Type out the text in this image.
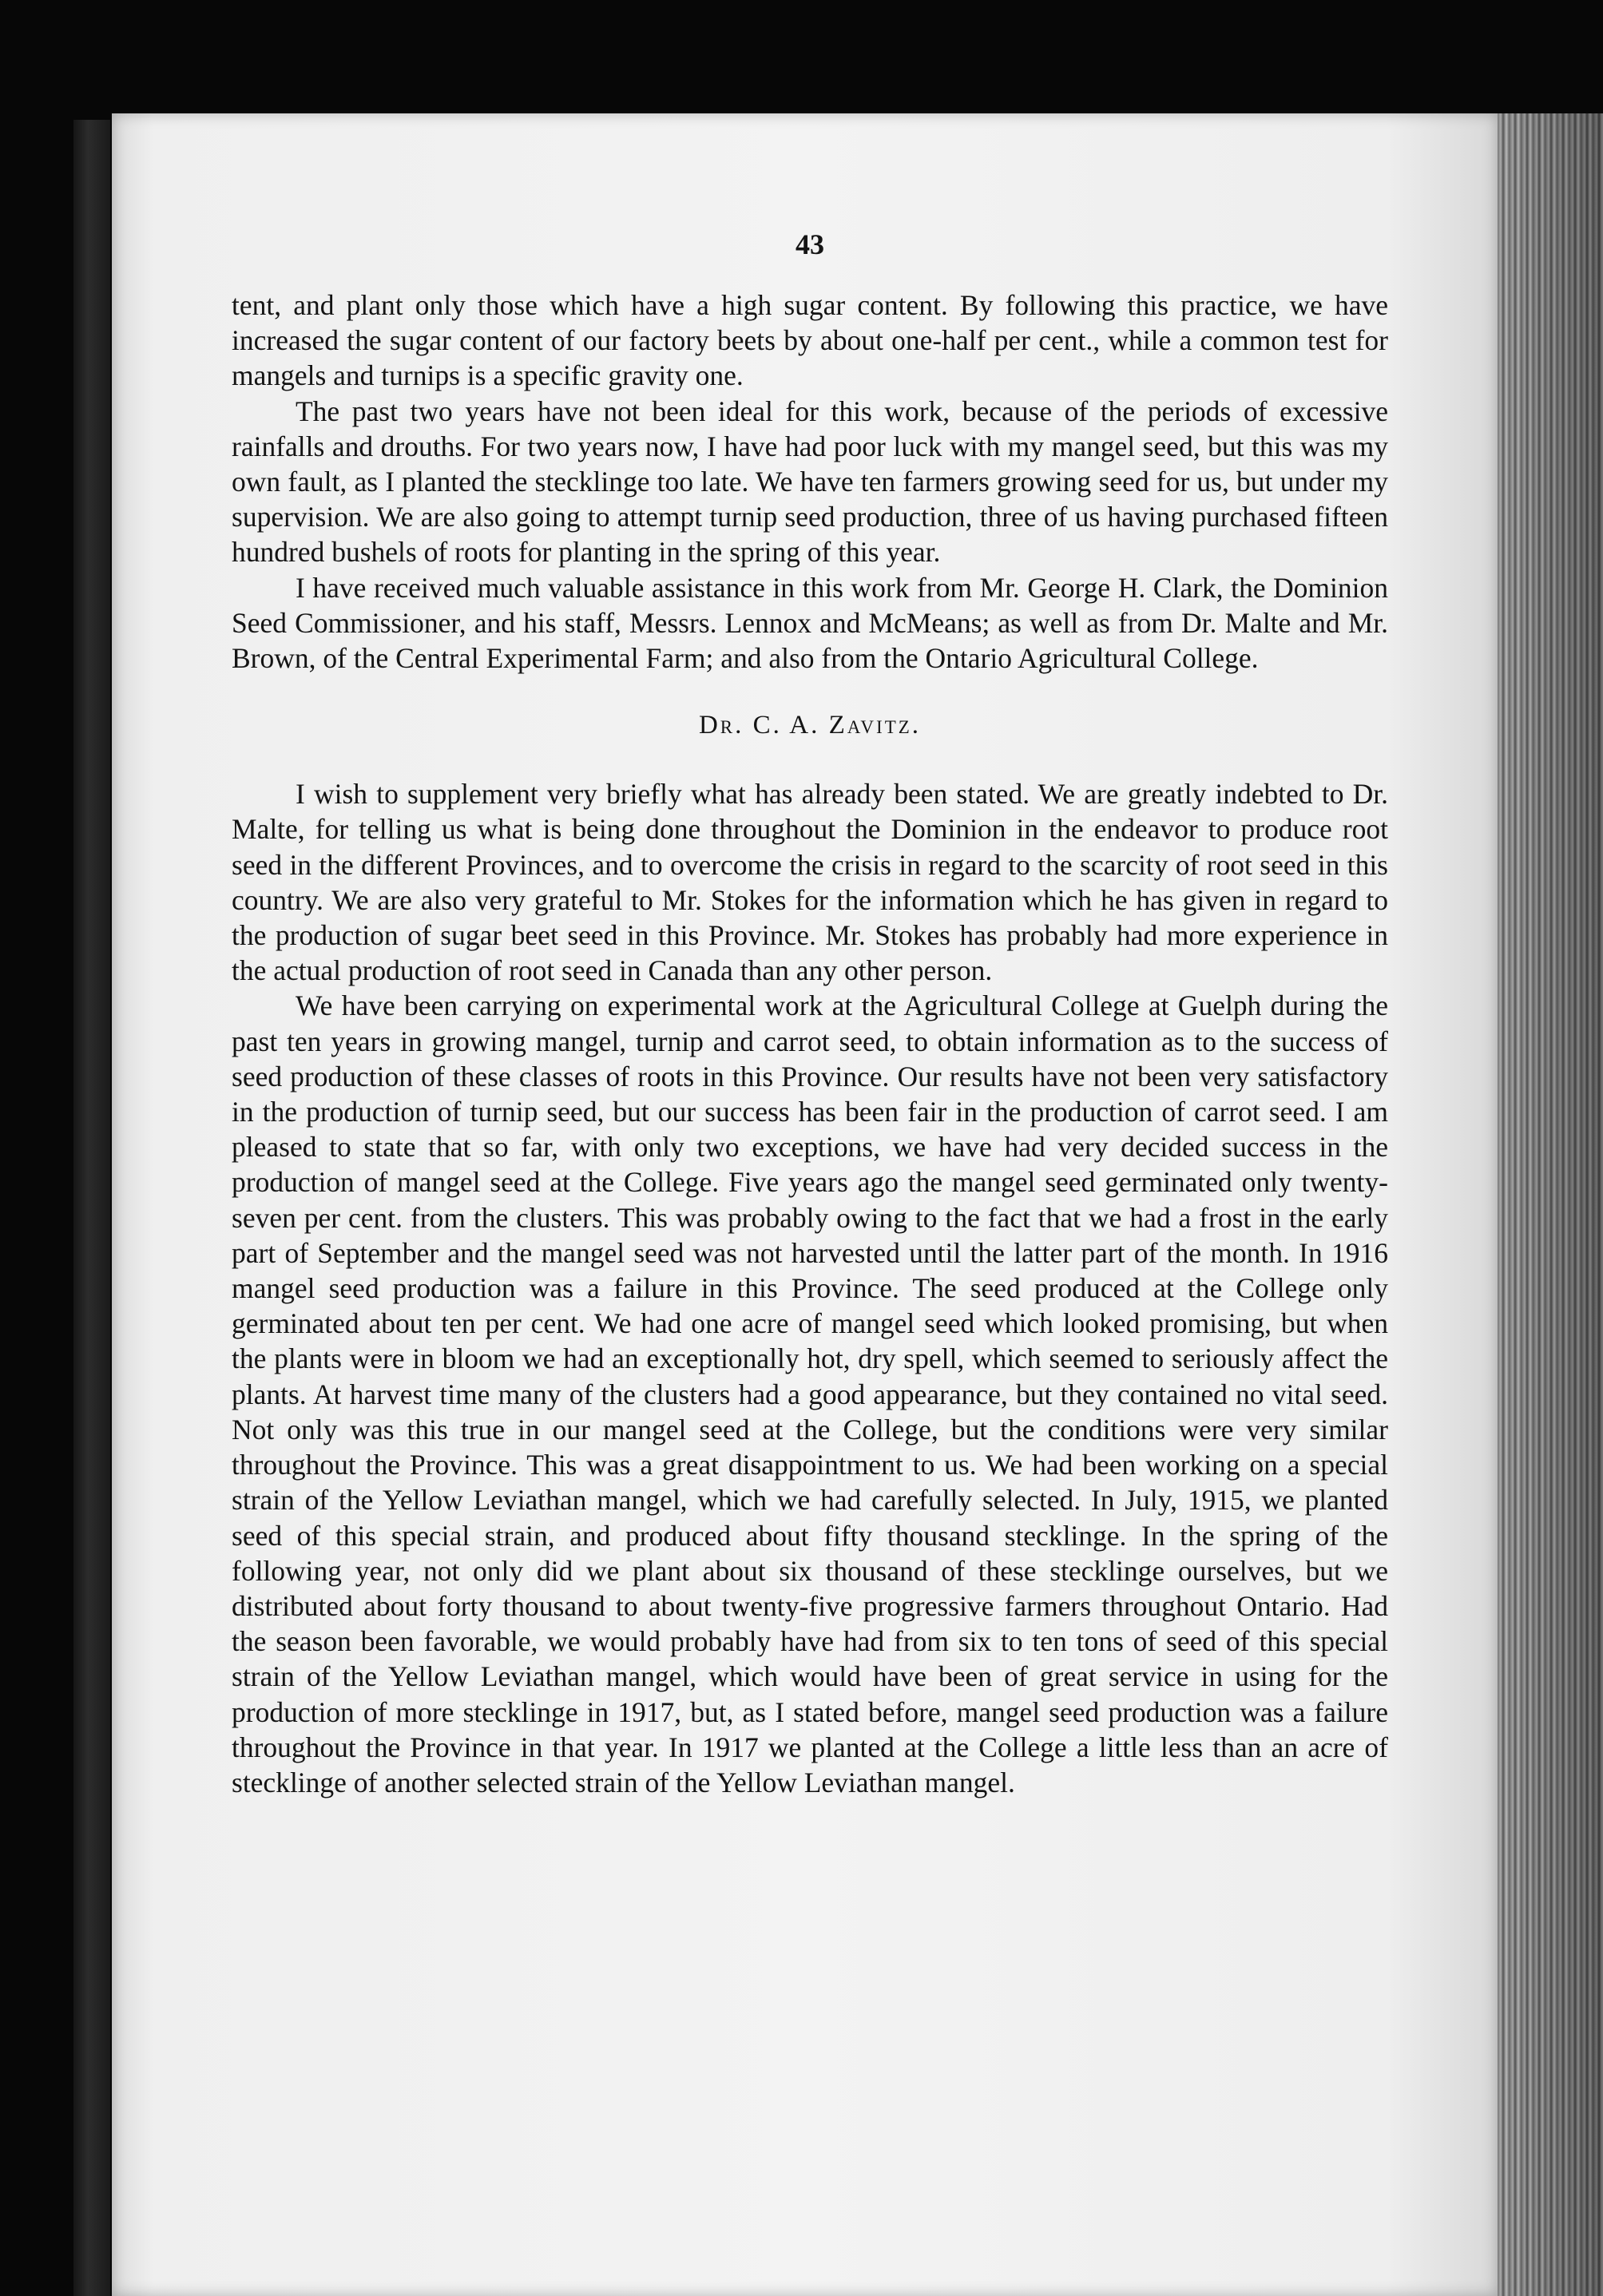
43

tent, and plant only those which have a high sugar content. By following this practice, we have increased the sugar content of our factory beets by about one-half per cent., while a common test for mangels and turnips is a specific gravity one.

The past two years have not been ideal for this work, because of the periods of excessive rainfalls and drouths. For two years now, I have had poor luck with my mangel seed, but this was my own fault, as I planted the stecklinge too late. We have ten farmers growing seed for us, but under my supervision. We are also going to attempt turnip seed production, three of us having purchased fifteen hundred bushels of roots for planting in the spring of this year.

I have received much valuable assistance in this work from Mr. George H. Clark, the Dominion Seed Commissioner, and his staff, Messrs. Lennox and McMeans; as well as from Dr. Malte and Mr. Brown, of the Central Experimental Farm; and also from the Ontario Agricultural College.

Dr. C. A. Zavitz.

I wish to supplement very briefly what has already been stated. We are greatly indebted to Dr. Malte, for telling us what is being done throughout the Dominion in the endeavor to produce root seed in the different Provinces, and to overcome the crisis in regard to the scarcity of root seed in this country. We are also very grateful to Mr. Stokes for the information which he has given in regard to the production of sugar beet seed in this Province. Mr. Stokes has probably had more experience in the actual production of root seed in Canada than any other person.

We have been carrying on experimental work at the Agricultural College at Guelph during the past ten years in growing mangel, turnip and carrot seed, to obtain information as to the success of seed production of these classes of roots in this Province. Our results have not been very satisfactory in the production of turnip seed, but our success has been fair in the production of carrot seed. I am pleased to state that so far, with only two exceptions, we have had very decided success in the production of mangel seed at the College. Five years ago the mangel seed germinated only twenty-seven per cent. from the clusters. This was probably owing to the fact that we had a frost in the early part of September and the mangel seed was not harvested until the latter part of the month. In 1916 mangel seed production was a failure in this Province. The seed produced at the College only germinated about ten per cent. We had one acre of mangel seed which looked promising, but when the plants were in bloom we had an exceptionally hot, dry spell, which seemed to seriously affect the plants. At harvest time many of the clusters had a good appearance, but they contained no vital seed. Not only was this true in our mangel seed at the College, but the conditions were very similar throughout the Province. This was a great disappointment to us. We had been working on a special strain of the Yellow Leviathan mangel, which we had carefully selected. In July, 1915, we planted seed of this special strain, and produced about fifty thousand stecklinge. In the spring of the following year, not only did we plant about six thousand of these stecklinge ourselves, but we distributed about forty thousand to about twenty-five progressive farmers throughout Ontario. Had the season been favorable, we would probably have had from six to ten tons of seed of this special strain of the Yellow Leviathan mangel, which would have been of great service in using for the production of more stecklinge in 1917, but, as I stated before, mangel seed production was a failure throughout the Province in that year. In 1917 we planted at the College a little less than an acre of stecklinge of another selected strain of the Yellow Leviathan mangel.
